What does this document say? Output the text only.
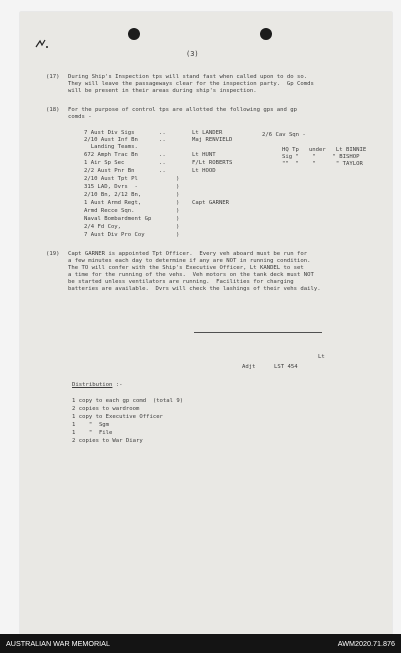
(3)
(17) During Ship's Inspection tps will stand fast when called upon to do so.
They will leave the passageways clear for the inspection party.  Gp Comds
will be present in their areas during ship's inspection.
(18) For the purpose of control tps are allotted the following gps and gp
comds -
7 Aust Div Sigs	..	Lt LANDER
2/10 Aust Inf Bn	..	Maj RENVIELD
Landing Teams.
672 Amph Trac Bn	..	Lt HUNT
1 Air Sp Sec	..	F/Lt ROBERTS
2/2 Aust Pnr Bn	..	Lt HOOD
2/10 Aust Tpt Pl	)
315 LAD, Dvrs  -	)
2/10 Bn, 2/12 Bn,	)
1 Aust Armd Regt,	) Capt GARNER
Armd Recce Sqn.	)
Naval Bombardment Gp	)
2/4 Fd Coy,	)
7 Aust Div Pro Coy	)
2/6 Cav Sqn -
HQ Tp   under   Lt BINNIE
Sig "    "     " BISHOP
""  "    "      " TAYLOR
(19) Capt GARNER is appointed Tpt Officer.  Every veh aboard must be run for
a few minutes each day to determine if any are NOT in running condition.
The TO will confer with the Ship's Executive Officer, Lt KANDEL to set
a time for the running of the vehs.  Veh motors on the tank deck must NOT
be started unless ventilators are running.  Facilities for charging
batteries are available.  Dvrs will check the lashings of their vehs daily.
Lt
Adjt	LST 454
Distribution :-
1 copy to each gp comd  (total 9)
2 copies to wardroom
1 copy to Executive Officer
1    "  Sgm
1    "  File
2 copies to War Diary
AUSTRALIAN WAR MEMORIAL	AWM2020.71.876
